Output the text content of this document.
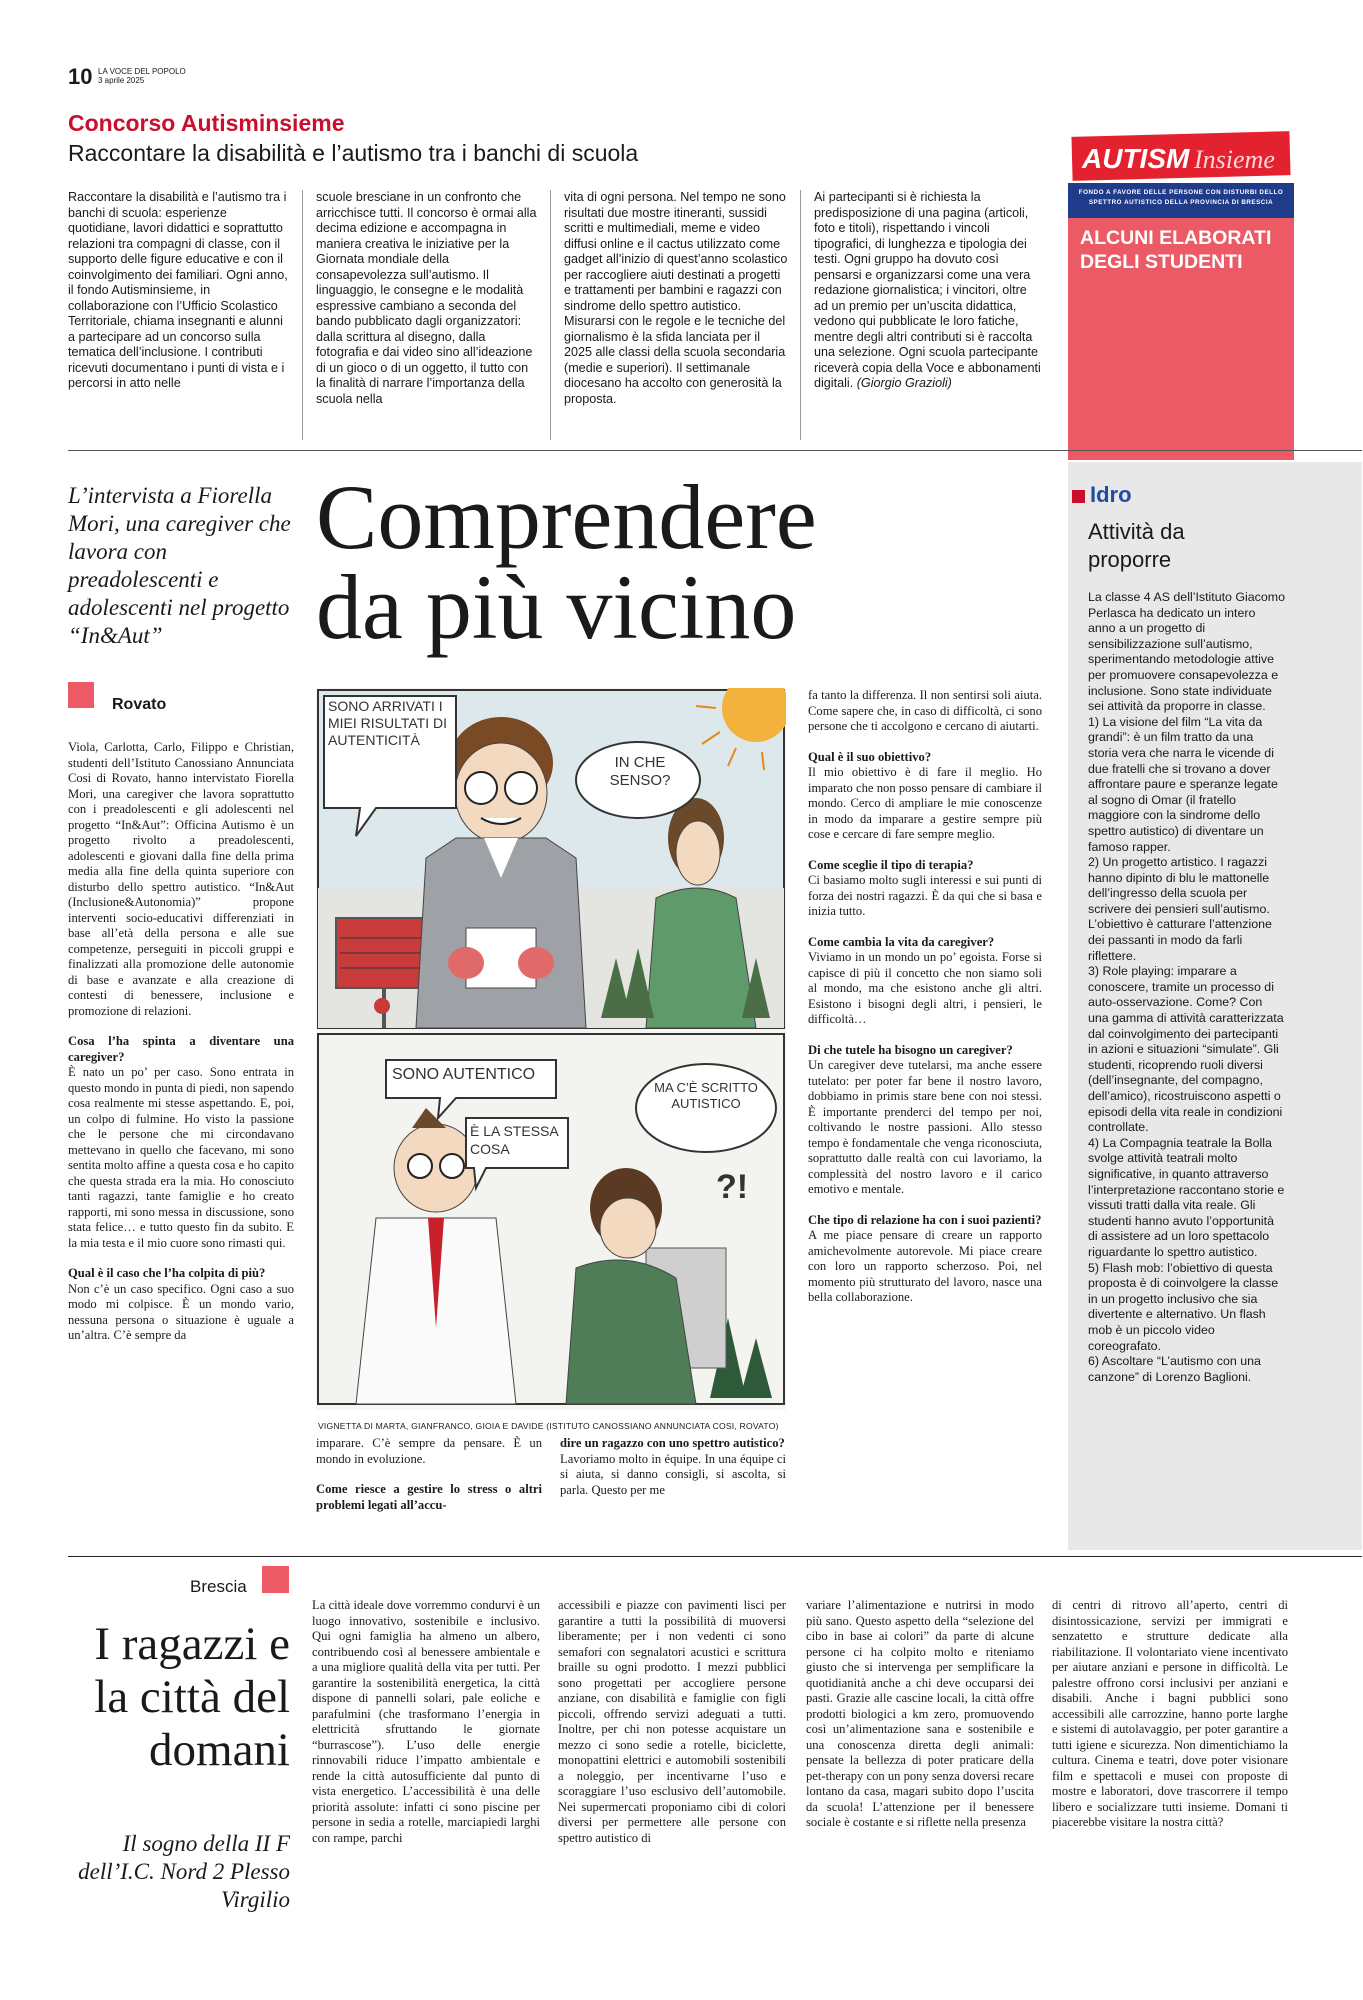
10 LA VOCE DEL POPOLO
3 aprile 2025
Concorso Autisminsieme
Raccontare la disabilità e l’autismo tra i banchi di scuola
Raccontare la disabilità e l’autismo tra i banchi di scuola: esperienze quotidiane, lavori didattici e soprattutto relazioni tra compagni di classe, con il supporto delle figure educative e con il coinvolgimento dei familiari. Ogni anno, il fondo Autisminsieme, in collaborazione con l’Ufficio Scolastico Territoriale, chiama insegnanti e alunni a partecipare ad un concorso sulla tematica dell’inclusione. I contributi ricevuti documentano i punti di vista e i percorsi in atto nelle
scuole bresciane in un confronto che arricchisce tutti. Il concorso è ormai alla decima edizione e accompagna in maniera creativa le iniziative per la Giornata mondiale della consapevolezza sull’autismo. Il linguaggio, le consegne e le modalità espressive cambiano a seconda del bando pubblicato dagli organizzatori: dalla scrittura al disegno, dalla fotografia e dai video sino all’ideazione di un gioco o di un oggetto, il tutto con la finalità di narrare l’importanza della scuola nella
vita di ogni persona. Nel tempo ne sono risultati due mostre itineranti, sussidi scritti e multimediali, meme e video diffusi online e il cactus utilizzato come gadget all’inizio di quest’anno scolastico per raccogliere aiuti destinati a progetti e trattamenti per bambini e ragazzi con sindrome dello spettro autistico. Misurarsi con le regole e le tecniche del giornalismo è la sfida lanciata per il 2025 alle classi della scuola secondaria (medie e superiori). Il settimanale diocesano ha accolto con generosità la proposta.
Ai partecipanti si è richiesta la predisposizione di una pagina (articoli, foto e titoli), rispettando i vincoli tipografici, di lunghezza e tipologia dei testi. Ogni gruppo ha dovuto così pensarsi e organizzarsi come una vera redazione giornalistica; i vincitori, oltre ad un premio per un’uscita didattica, vedono qui pubblicate le loro fatiche, mentre degli altri contributi si è raccolta una selezione. Ogni scuola partecipante riceverà copia della Voce e abbonamenti digitali. (Giorgio Grazioli)
AUTISM Insieme
FONDO A FAVORE DELLE PERSONE CON DISTURBI DELLO
SPETTRO AUTISTICO DELLA PROVINCIA DI BRESCIA
ALCUNI ELABORATI DEGLI STUDENTI
Idro
Attività da proporre
La classe 4 AS dell’Istituto Giacomo Perlasca ha dedicato un intero anno a un progetto di sensibilizzazione sull’autismo, sperimentando metodologie attive per promuovere consapevolezza e inclusione. Sono state individuate sei attività da proporre in classe.
1) La visione del film “La vita da grandi”: è un film tratto da una storia vera che narra le vicende di due fratelli che si trovano a dover affrontare paure e speranze legate al sogno di Omar (il fratello maggiore con la sindrome dello spettro autistico) di diventare un famoso rapper.
2) Un progetto artistico. I ragazzi hanno dipinto di blu le mattonelle dell’ingresso della scuola per scrivere dei pensieri sull’autismo. L’obiettivo è catturare l’attenzione dei passanti in modo da farli riflettere.
3) Role playing: imparare a conoscere, tramite un processo di auto-osservazione. Come? Con una gamma di attività caratterizzata dal coinvolgimento dei partecipanti in azioni e situazioni “simulate”. Gli studenti, ricoprendo ruoli diversi (dell’insegnante, del compagno, dell’amico), ricostruiscono aspetti o episodi della vita reale in condizioni controllate.
4) La Compagnia teatrale la Bolla svolge attività teatrali molto significative, in quanto attraverso l’interpretazione raccontano storie e vissuti tratti dalla vita reale. Gli studenti hanno avuto l’opportunità di assistere ad un loro spettacolo riguardante lo spettro autistico.
5) Flash mob: l’obiettivo di questa proposta è di coinvolgere la classe in un progetto inclusivo che sia divertente e alternativo. Un flash mob è un piccolo video coreografato.
6) Ascoltare “L’autismo con una canzone” di Lorenzo Baglioni.
L’intervista a Fiorella Mori, una caregiver che lavora con preadolescenti e adolescenti nel progetto “In&Aut”
Rovato
Comprendere
da più vicino
Viola, Carlotta, Carlo, Filippo e Christian, studenti dell’Istituto Canossiano Annunciata Cosi di Rovato, hanno intervistato Fiorella Mori, una caregiver che lavora soprattutto con i preadolescenti e gli adolescenti nel progetto “In&Aut”: Officina Autismo è un progetto rivolto a preadolescenti, adolescenti e giovani dalla fine della prima media alla fine della quinta superiore con disturbo dello spettro autistico. “In&Aut (Inclusione&Autonomia)” propone interventi socio-educativi differenziati in base all’età della persona e alle sue competenze, perseguiti in piccoli gruppi e finalizzati alla promozione delle autonomie di base e avanzate e alla creazione di contesti di benessere, inclusione e promozione di relazioni.
Cosa l’ha spinta a diventare una caregiver?
È nato un po’ per caso. Sono entrata in questo mondo in punta di piedi, non sapendo cosa realmente mi stesse aspettando. E, poi, un colpo di fulmine. Ho visto la passione che le persone che mi circondavano mettevano in quello che facevano, mi sono sentita molto affine a questa cosa e ho capito che questa strada era la mia. Ho conosciuto tanti ragazzi, tante famiglie e ho creato rapporti, mi sono messa in discussione, sono stata felice… e tutto questo fin da subito. E la mia testa e il mio cuore sono rimasti qui.
Qual è il caso che l’ha colpita di più?
Non c’è un caso specifico. Ogni caso a suo modo mi colpisce. È un mondo vario, nessuna persona o situazione è uguale a un’altra. C’è sempre da
SONO ARRIVATI I MIEI RISULTATI DI AUTENTICITÀ
IN CHE SENSO?
SONO AUTENTICO
È LA STESSA COSA
MA C’È SCRITTO AUTISTICO
?!
VIGNETTA DI MARTA, GIANFRANCO, GIOIA E DAVIDE (ISTITUTO CANOSSIANO ANNUNCIATA COSI, ROVATO)
imparare. C’è sempre da pensare. È un mondo in evoluzione.
Come riesce a gestire lo stress o altri problemi legati all’accu-
dire un ragazzo con uno spettro autistico?
Lavoriamo molto in équipe. In una équipe ci si aiuta, si danno consigli, si ascolta, si parla. Questo per me
fa tanto la differenza. Il non sentirsi soli aiuta. Come sapere che, in caso di difficoltà, ci sono persone che ti accolgono e cercano di aiutarti.
Qual è il suo obiettivo?
Il mio obiettivo è di fare il meglio. Ho imparato che non posso pensare di cambiare il mondo. Cerco di ampliare le mie conoscenze in modo da imparare a gestire sempre più cose e cercare di fare sempre meglio.
Come sceglie il tipo di terapia?
Ci basiamo molto sugli interessi e sui punti di forza dei nostri ragazzi. È da qui che si basa e inizia tutto.
Come cambia la vita da caregiver?
Viviamo in un mondo un po’ egoista. Forse si capisce di più il concetto che non siamo soli al mondo, ma che esistono anche gli altri. Esistono i bisogni degli altri, i pensieri, le difficoltà…
Di che tutele ha bisogno un caregiver?
Un caregiver deve tutelarsi, ma anche essere tutelato: per poter far bene il nostro lavoro, dobbiamo in primis stare bene con noi stessi. È importante prenderci del tempo per noi, coltivando le nostre passioni. Allo stesso tempo è fondamentale che venga riconosciuta, soprattutto dalle realtà con cui lavoriamo, la complessità del nostro lavoro e il carico emotivo e mentale.
Che tipo di relazione ha con i suoi pazienti?
A me piace pensare di creare un rapporto amichevolmente autorevole. Mi piace creare con loro un rapporto scherzoso. Poi, nel momento più strutturato del lavoro, nasce una bella collaborazione.
Brescia
I ragazzi e la città del domani
Il sogno della II F dell’I.C. Nord 2 Plesso Virgilio
La città ideale dove vorremmo condurvi è un luogo innovativo, sostenibile e inclusivo. Qui ogni famiglia ha almeno un albero, contribuendo così al benessere ambientale e a una migliore qualità della vita per tutti. Per garantire la sostenibilità energetica, la città dispone di pannelli solari, pale eoliche e parafulmini (che trasformano l’energia in elettricità sfruttando le giornate “burrascose”). L’uso delle energie rinnovabili riduce l’impatto ambientale e rende la città autosufficiente dal punto di vista energetico. L’accessibilità è una delle priorità assolute: infatti ci sono piscine per persone in sedia a rotelle, marciapiedi larghi con rampe, parchi
accessibili e piazze con pavimenti lisci per garantire a tutti la possibilità di muoversi liberamente; per i non vedenti ci sono semafori con segnalatori acustici e scrittura braille su ogni prodotto. I mezzi pubblici sono progettati per accogliere persone anziane, con disabilità e famiglie con figli piccoli, offrendo servizi adeguati a tutti. Inoltre, per chi non potesse acquistare un mezzo ci sono sedie a rotelle, biciclette, monopattini elettrici e automobili sostenibili a noleggio, per incentivarne l’uso e scoraggiare l’uso esclusivo dell’automobile. Nei supermercati proponiamo cibi di colori diversi per permettere alle persone con spettro autistico di
variare l’alimentazione e nutrirsi in modo più sano. Questo aspetto della “selezione del cibo in base ai colori” da parte di alcune persone ci ha colpito molto e riteniamo giusto che si intervenga per semplificare la quotidianità anche a chi deve occuparsi dei pasti. Grazie alle cascine locali, la città offre prodotti biologici a km zero, promuovendo così un’alimentazione sana e sostenibile e una conoscenza diretta degli animali: pensate la bellezza di poter praticare della pet-therapy con un pony senza doversi recare lontano da casa, magari subito dopo l’uscita da scuola! L’attenzione per il benessere sociale è costante e si riflette nella presenza
di centri di ritrovo all’aperto, centri di disintossicazione, servizi per immigrati e senzatetto e strutture dedicate alla riabilitazione. Il volontariato viene incentivato per aiutare anziani e persone in difficoltà. Le palestre offrono corsi inclusivi per anziani e disabili. Anche i bagni pubblici sono accessibili alle carrozzine, hanno porte larghe e sistemi di autolavaggio, per poter garantire a tutti igiene e sicurezza. Non dimentichiamo la cultura. Cinema e teatri, dove poter visionare film e spettacoli e musei con proposte di mostre e laboratori, dove trascorrere il tempo libero e socializzare tutti insieme. Domani ti piacerebbe visitare la nostra città?
